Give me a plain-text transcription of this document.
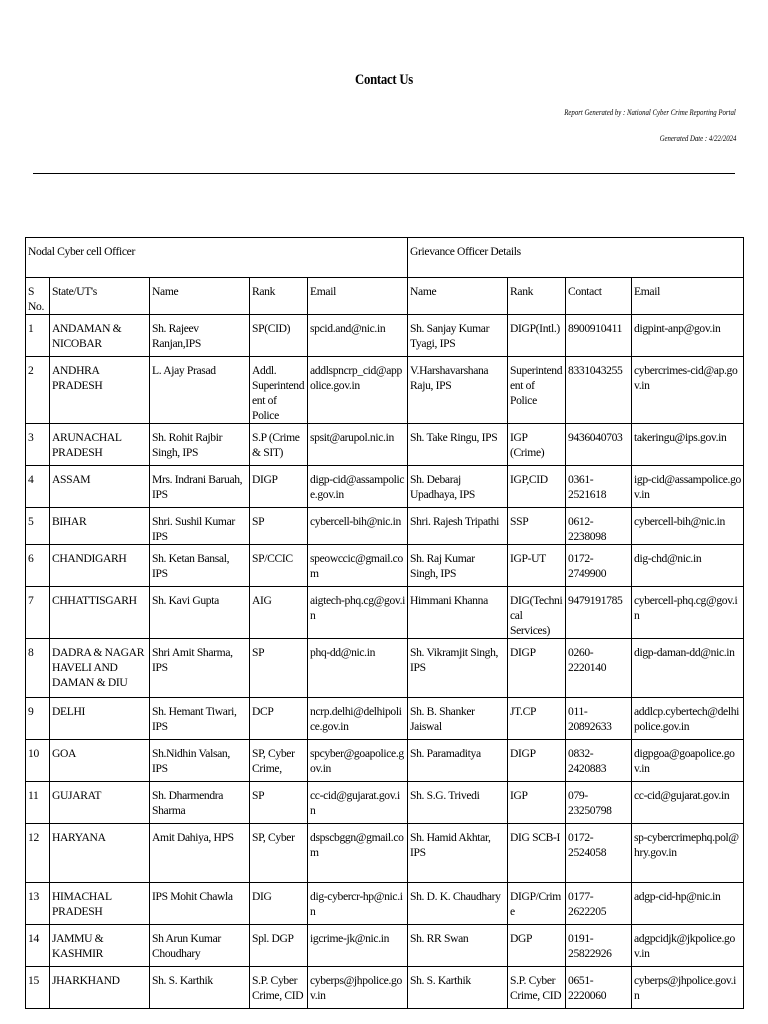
Contact Us
Report Generated by : National Cyber Crime Reporting Portal
Generated Date : 4/22/2024
Nodal Cyber cell Officer					Grievance Officer Details			
S No.	State/UT's	Name	Rank	Email	Name	Rank	Contact	Email
1	ANDAMAN & NICOBAR	Sh. Rajeev Ranjan,IPS	SP(CID)	spcid.and@nic.in	Sh. Sanjay Kumar Tyagi, IPS	DIGP(Intl.)	8900910411	digpint-anp@gov.in
2	ANDHRA PRADESH	L. Ajay Prasad	Addl. Superintendent of Police	addlspncrp_cid@appolice.gov.in	V.Harshavarshana Raju, IPS	Superintendent of Police	8331043255	cybercrimes-cid@ap.gov.in
3	ARUNACHAL PRADESH	Sh. Rohit Rajbir Singh, IPS	S.P (Crime & SIT)	spsit@arupol.nic.in	Sh. Take Ringu, IPS	IGP (Crime)	9436040703	takeringu@ips.gov.in
4	ASSAM	Mrs. Indrani Baruah, IPS	DIGP	digp-cid@assampolice.gov.in	Sh. Debaraj Upadhaya, IPS	IGP,CID	0361-2521618	igp-cid@assampolice.gov.in
5	BIHAR	Shri. Sushil Kumar IPS	SP	cybercell-bih@nic.in	Shri. Rajesh Tripathi	SSP	0612-2238098	cybercell-bih@nic.in
6	CHANDIGARH	Sh. Ketan Bansal, IPS	SP/CCIC	speowccic@gmail.com	Sh. Raj Kumar Singh, IPS	IGP-UT	0172-2749900	dig-chd@nic.in
7	CHHATTISGARH	Sh. Kavi Gupta	AIG	aigtech-phq.cg@gov.in	Himmani Khanna	DIG(Technical Services)	9479191785	cybercell-phq.cg@gov.in
8	DADRA & NAGAR HAVELI AND DAMAN & DIU	Shri Amit Sharma, IPS	SP	phq-dd@nic.in	Sh. Vikramjit Singh, IPS	DIGP	0260-2220140	digp-daman-dd@nic.in
9	DELHI	Sh. Hemant Tiwari, IPS	DCP	ncrp.delhi@delhipolice.gov.in	Sh. B. Shanker Jaiswal	JT.CP	011-20892633	addlcp.cybertech@delhipolice.gov.in
10	GOA	Sh.Nidhin Valsan, IPS	SP, Cyber Crime,	spcyber@goapolice.gov.in	Sh. Paramaditya	DIGP	0832-2420883	digpgoa@goapolice.gov.in
11	GUJARAT	Sh. Dharmendra Sharma	SP	cc-cid@gujarat.gov.in	Sh. S.G. Trivedi	IGP	079-23250798	cc-cid@gujarat.gov.in
12	HARYANA	Amit Dahiya, HPS	SP, Cyber	dspscbggn@gmail.com	Sh. Hamid Akhtar, IPS	DIG SCB-I	0172-2524058	sp-cybercrimephq.pol@hry.gov.in
13	HIMACHAL PRADESH	IPS Mohit Chawla	DIG	dig-cybercr-hp@nic.in	Sh. D. K. Chaudhary	DIGP/Crime	0177-2622205	adgp-cid-hp@nic.in
14	JAMMU & KASHMIR	Sh Arun Kumar Choudhary	Spl. DGP	igcrime-jk@nic.in	Sh. RR Swan	DGP	0191-25822926	adgpcidjk@jkpolice.gov.in
15	JHARKHAND	Sh. S. Karthik	S.P. Cyber Crime, CID	cyberps@jhpolice.gov.in	Sh. S. Karthik	S.P. Cyber Crime, CID	0651-2220060	cyberps@jhpolice.gov.in
